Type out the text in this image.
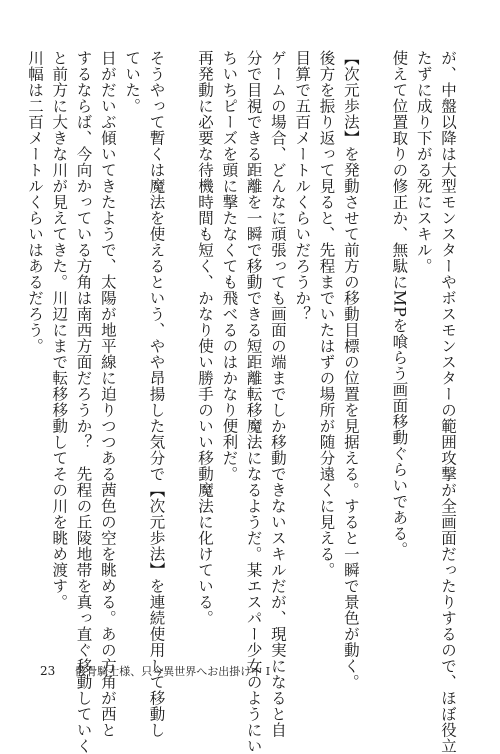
が、中盤以降は大型モンスターやボスモンスターの範囲攻撃が全画面だったりするので、ほぼ役立

たずに成り下がる死にスキル。

使えて位置取りの修正か、無駄にMPを喰らう画面移動ぐらいである。

【次元歩法】を発動させて前方の移動目標の位置を見据える。すると一瞬で景色が動く。

後方を振り返って見ると、先程までいたはずの場所が随分遠くに見える。

目算で五百メートルくらいだろうか？

ゲームの場合、どんなに頑張っても画面の端までしか移動できないスキルだが、現実になると自

分で目視できる距離を一瞬で移動できる短距離転移魔法になるようだ。某エスパー少女のようにい

ちいちピーズを頭に撃たなくても飛べるのはかなり便利だ。

再発動に必要な待機時間も短く、かなり使い勝手のいい移動魔法に化けている。

そうやって暫くは魔法を使えるという、やや昂揚した気分で【次元歩法】を連続使用して移動し

ていた。

日がだいぶ傾いてきたようで、太陽が地平線に迫りつつある茜色の空を眺める。あの方角が西と

するならば、今向かっている方角は南西方面だろうか？　先程の丘陵地帯を真っ直ぐ移動していく

と前方に大きな川が見えてきた。川辺にまで転移移動してその川を眺め渡す。

川幅は二百メートルくらいはあるだろう。

23 骸骨騎士様、只今異世界へお出掛け中 Ⅰ
